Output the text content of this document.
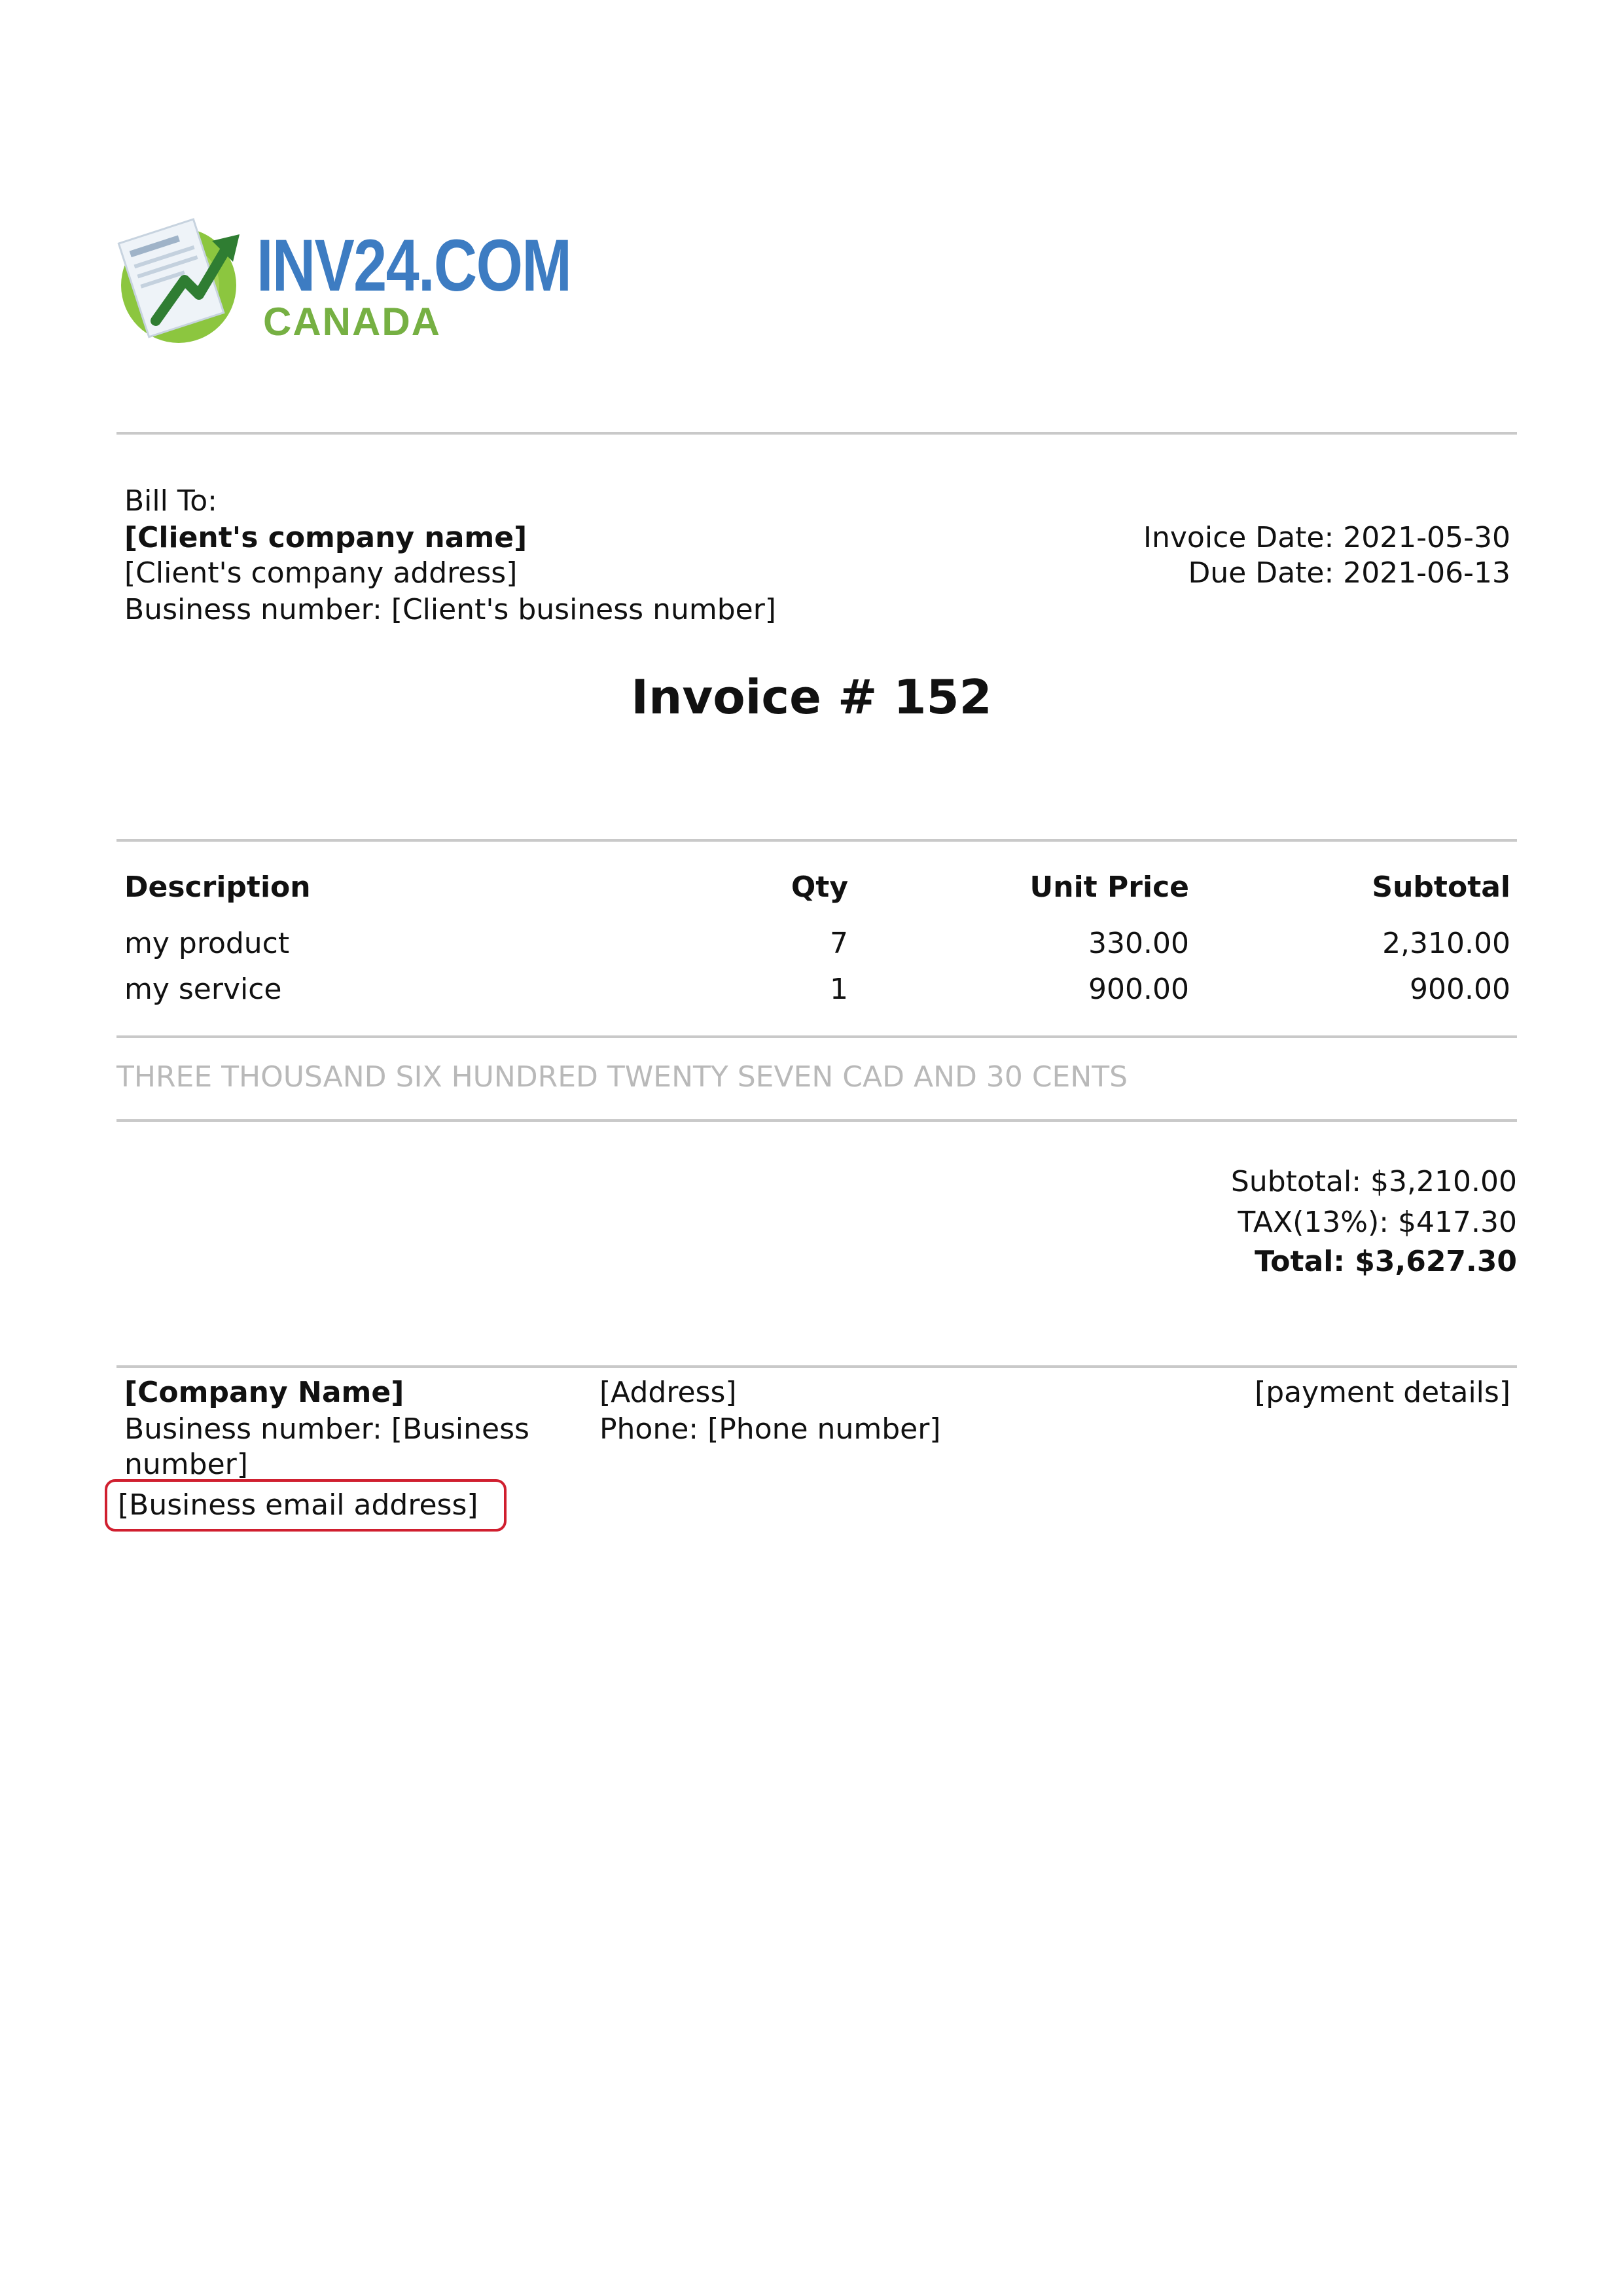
INV24.COM
CANADA
Bill To:
[Client's company name]
[Client's company address]
Business number: [Client's business number]
Invoice Date: 2021-05-30
Due Date: 2021-06-13
Invoice # 152
Description	Qty	Unit Price	Subtotal
my product	7	330.00	2,310.00
my service	1	900.00	900.00
THREE THOUSAND SIX HUNDRED TWENTY SEVEN CAD AND 30 CENTS
Subtotal: $3,210.00
TAX(13%): $417.30
Total: $3,627.30
[Company Name]
Business number: [Business
number]
[Business email address]
[Address]
Phone: [Phone number]
[payment details]
